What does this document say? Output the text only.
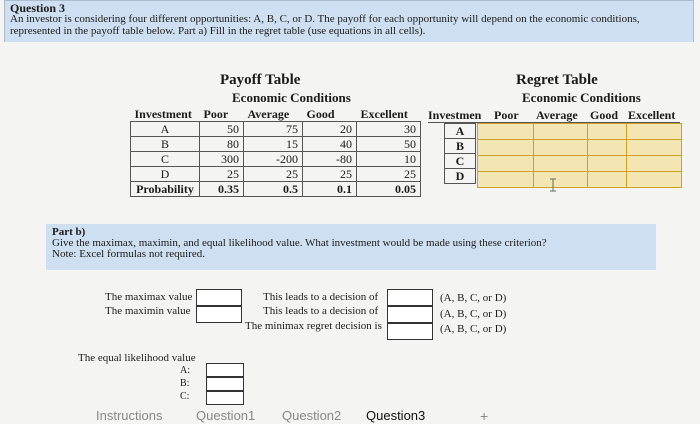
Question 3
An investor is considering four different opportunities: A, B, C, or D. The payoff for each opportunity will depend on the economic conditions, represented in the payoff table below. Part a) Fill in the regret table (use equations in all cells).
Payoff Table
Economic Conditions
Investment	Poor	Average	Good	Excellent
A	50	75	20	30
B	80	15	40	50
C	300	-200	-80	10
D	25	25	25	25
Probability	0.35	0.5	0.1	0.05
Regret Table
Economic Conditions
Investmen Poor Average Good Excellent
A
B
C
D
Part b)
Give the maximax, maximin, and equal likelihood value. What investment would be made using these criterion?
Note: Excel formulas not required.
The maximax value
The maximin value
This leads to a decision of
This leads to a decision of
The minimax regret decision is
(A, B, C, or D)
(A, B, C, or D)
(A, B, C, or D)
The equal likelihood value
A:
B:
C:
Instructions	Question1 Question2 Question3	+
